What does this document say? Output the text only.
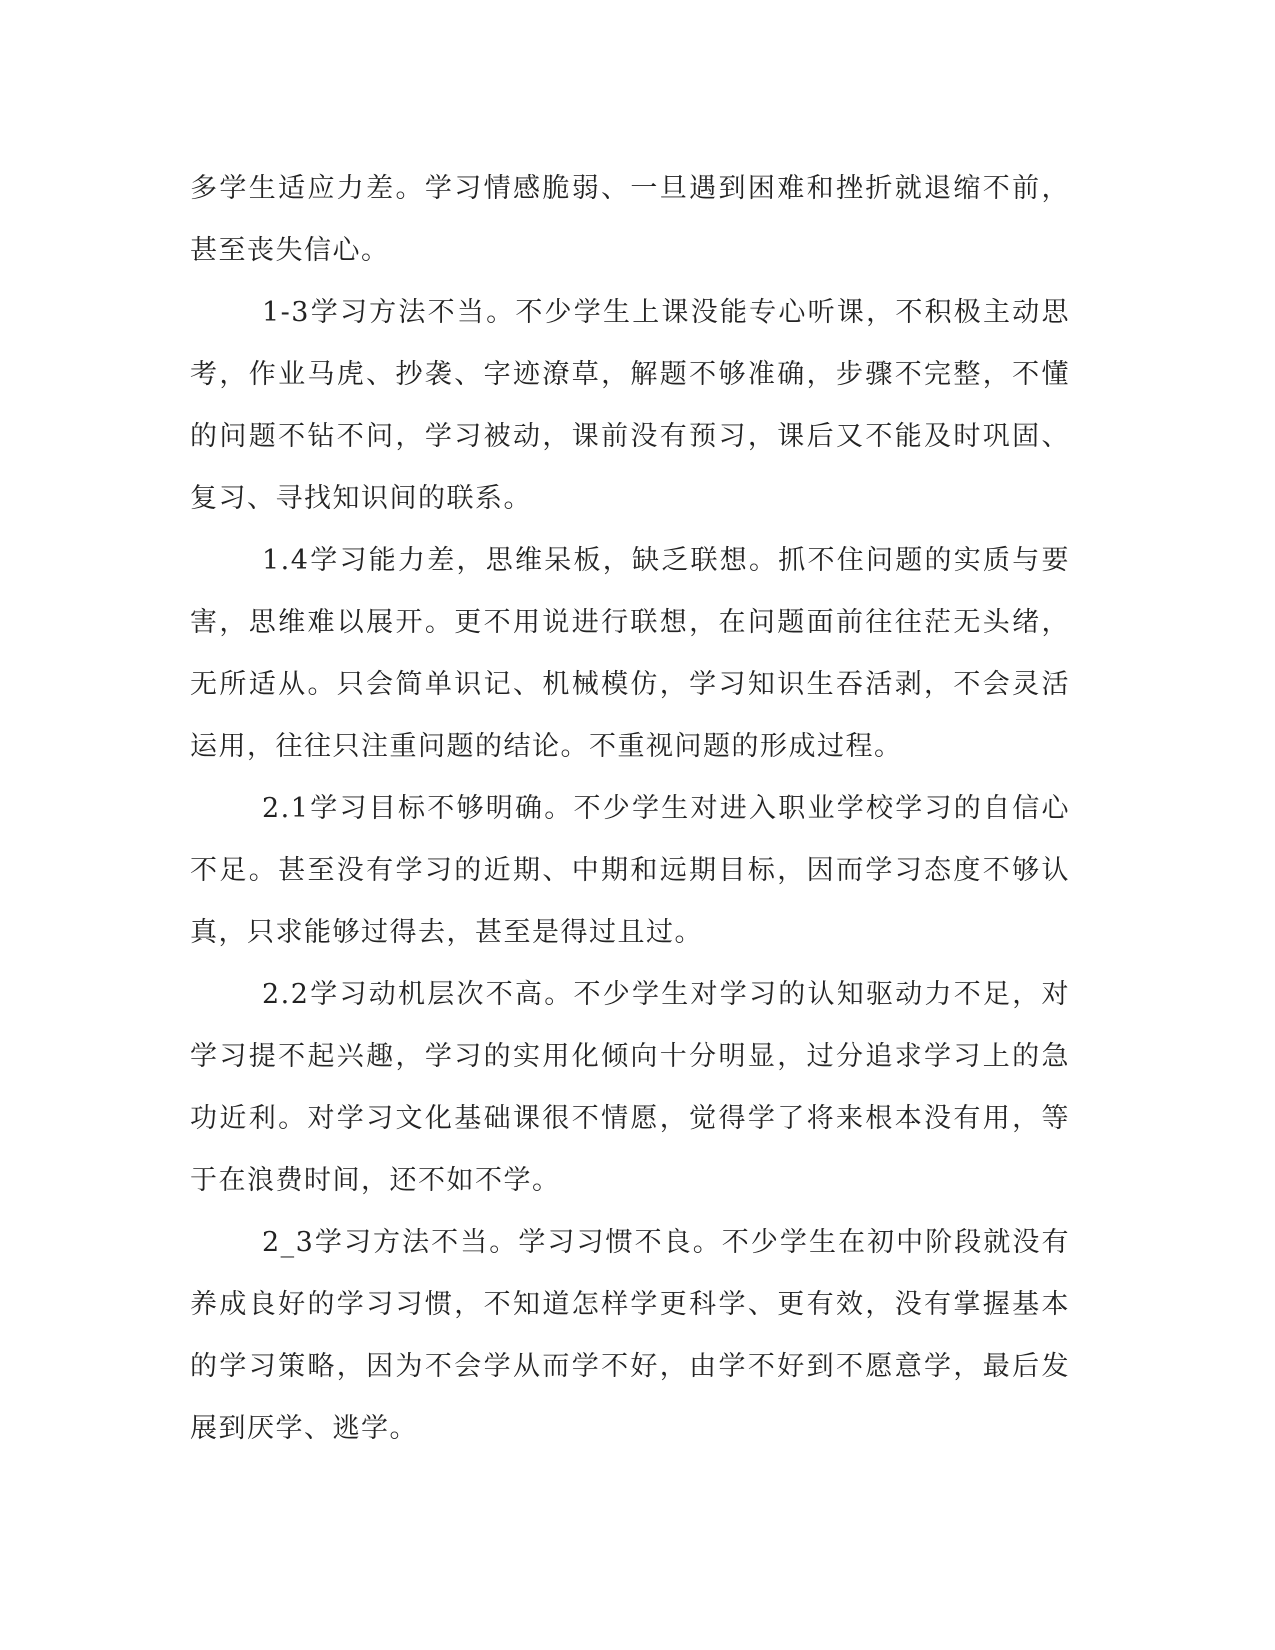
多学生适应力差。学习情感脆弱、一旦遇到困难和挫折就退缩不前，甚至丧失信心。

1-3学习方法不当。不少学生上课没能专心听课，不积极主动思考，作业马虎、抄袭、字迹潦草，解题不够准确，步骤不完整，不懂的问题不钻不问，学习被动，课前没有预习，课后又不能及时巩固、复习、寻找知识间的联系。

1.4学习能力差，思维呆板，缺乏联想。抓不住问题的实质与要害，思维难以展开。更不用说进行联想，在问题面前往往茫无头绪，无所适从。只会简单识记、机械模仿，学习知识生吞活剥，不会灵活运用，往往只注重问题的结论。不重视问题的形成过程。

2.1学习目标不够明确。不少学生对进入职业学校学习的自信心不足。甚至没有学习的近期、中期和远期目标，因而学习态度不够认真，只求能够过得去，甚至是得过且过。

2.2学习动机层次不高。不少学生对学习的认知驱动力不足，对学习提不起兴趣，学习的实用化倾向十分明显，过分追求学习上的急功近利。对学习文化基础课很不情愿，觉得学了将来根本没有用，等于在浪费时间，还不如不学。

2_3学习方法不当。学习习惯不良。不少学生在初中阶段就没有养成良好的学习习惯，不知道怎样学更科学、更有效，没有掌握基本的学习策略，因为不会学从而学不好，由学不好到不愿意学，最后发展到厌学、逃学。
